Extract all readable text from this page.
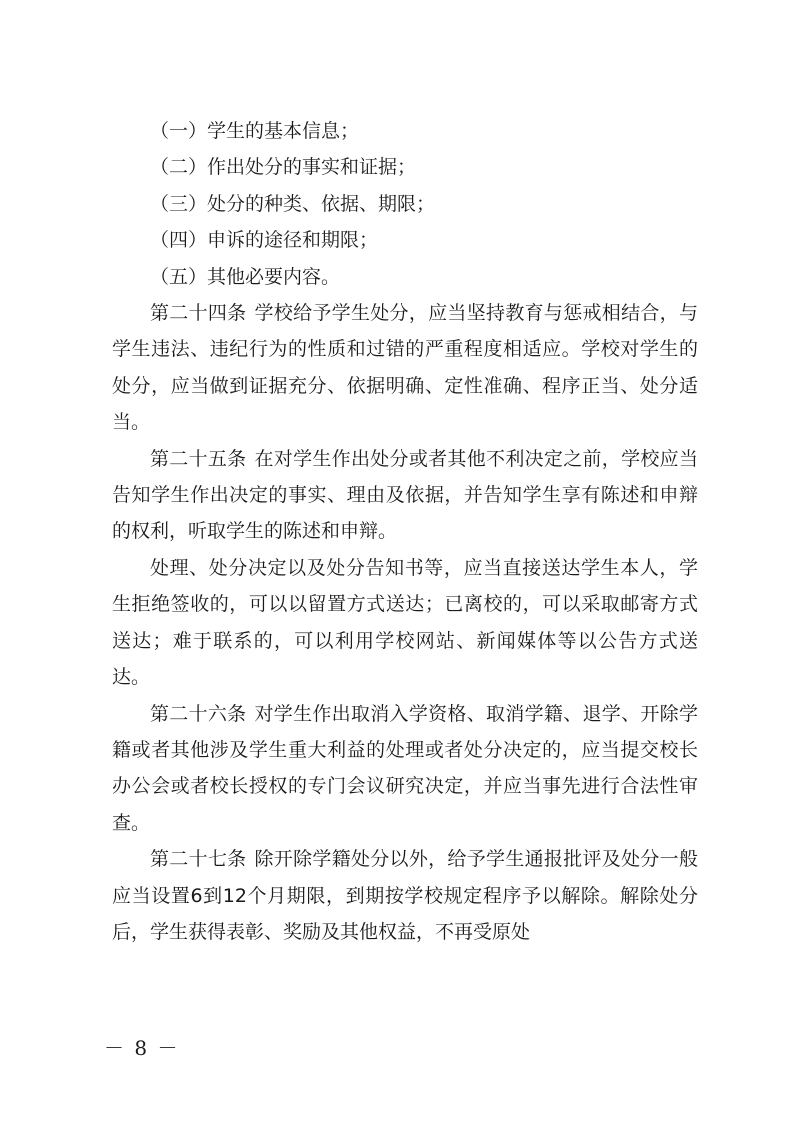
（一）学生的基本信息；

（二）作出处分的事实和证据；

（三）处分的种类、依据、期限；

（四）申诉的途径和期限；

（五）其他必要内容。

第二十四条 学校给予学生处分，应当坚持教育与惩戒相结合，与学生违法、违纪行为的性质和过错的严重程度相适应。学校对学生的处分，应当做到证据充分、依据明确、定性准确、程序正当、处分适当。

第二十五条 在对学生作出处分或者其他不利决定之前，学校应当告知学生作出决定的事实、理由及依据，并告知学生享有陈述和申辩的权利，听取学生的陈述和申辩。

处理、处分决定以及处分告知书等，应当直接送达学生本人，学生拒绝签收的，可以以留置方式送达；已离校的，可以采取邮寄方式送达；难于联系的，可以利用学校网站、新闻媒体等以公告方式送达。

第二十六条 对学生作出取消入学资格、取消学籍、退学、开除学籍或者其他涉及学生重大利益的处理或者处分决定的，应当提交校长办公会或者校长授权的专门会议研究决定，并应当事先进行合法性审查。

第二十七条 除开除学籍处分以外，给予学生通报批评及处分一般应当设置6到12个月期限，到期按学校规定程序予以解除。解除处分后，学生获得表彰、奖励及其他权益，不再受原处

－ 8 －
